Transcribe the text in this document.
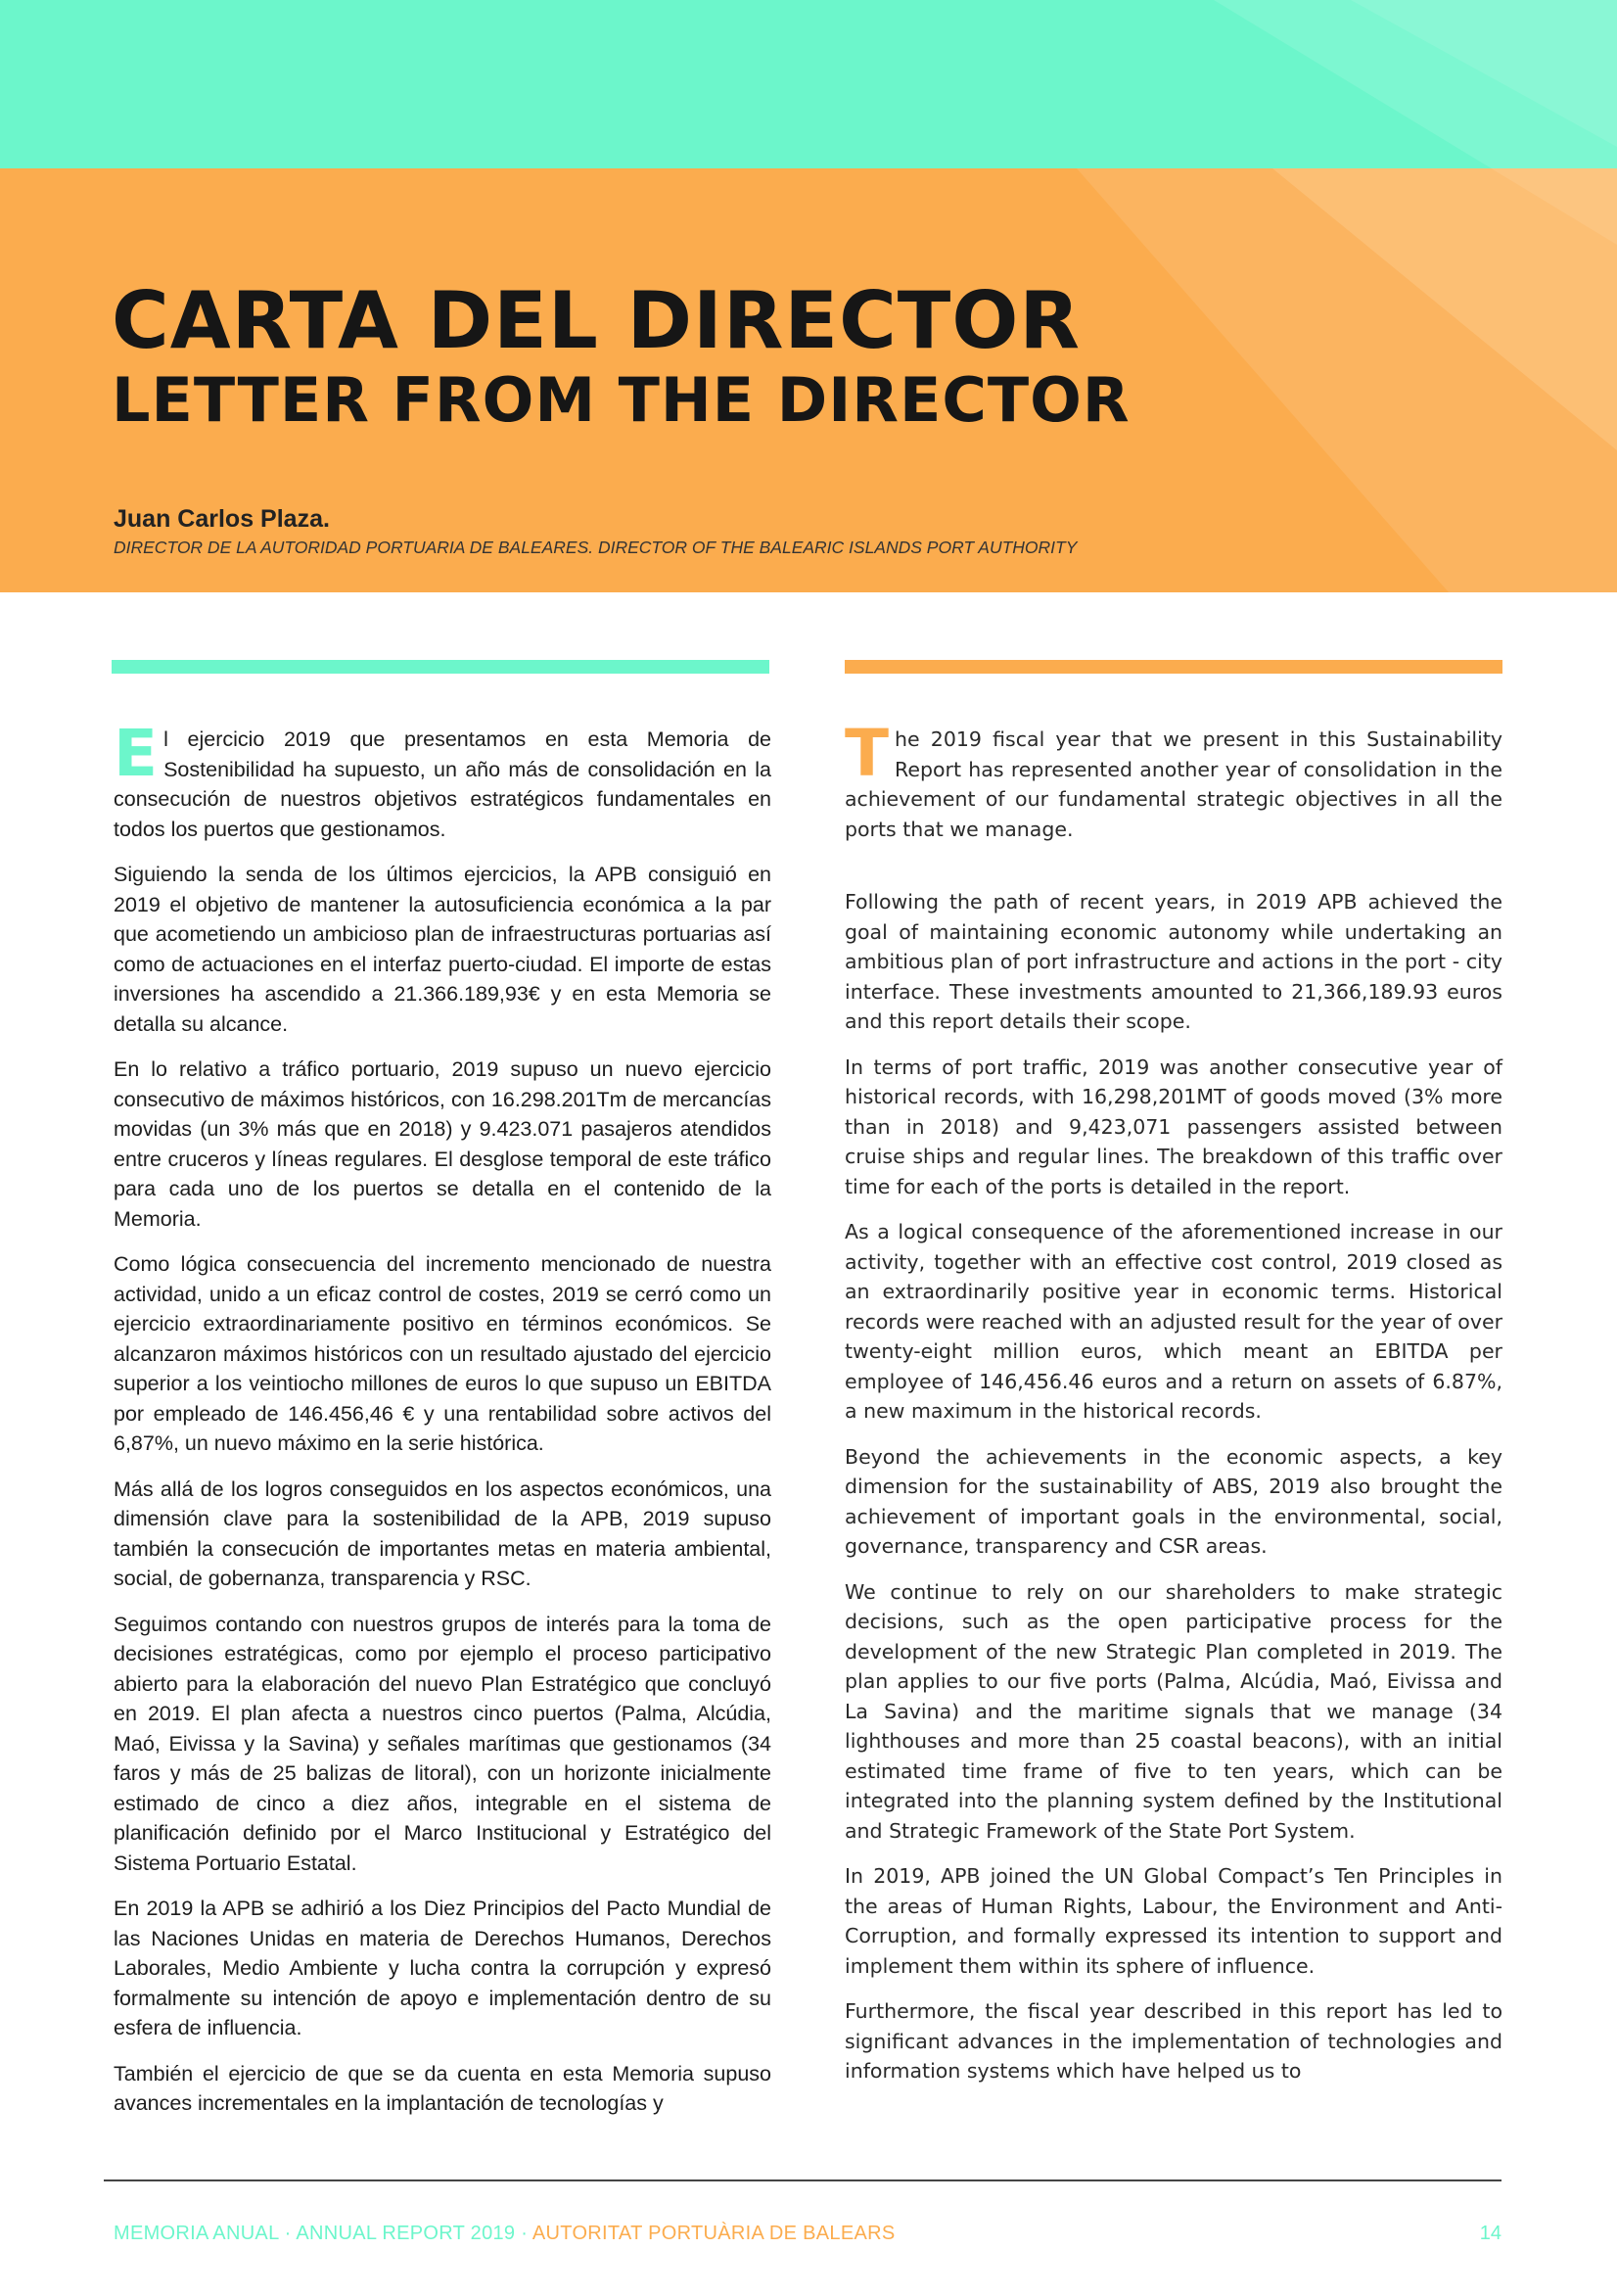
CARTA DEL DIRECTOR
LETTER FROM THE DIRECTOR
Juan Carlos Plaza.
DIRECTOR DE LA AUTORIDAD PORTUARIA DE BALEARES. DIRECTOR OF THE BALEARIC ISLANDS PORT AUTHORITY

El ejercicio 2019 que presentamos en esta Memoria de Sostenibilidad ha supuesto, un año más de consolidación en la consecución de nuestros objetivos estratégicos fundamentales en todos los puertos que gestionamos.

Siguiendo la senda de los últimos ejercicios, la APB consiguió en 2019 el objetivo de mantener la autosuficiencia económica a la par que acometiendo un ambicioso plan de infraestructuras portuarias así como de actuaciones en el interfaz puerto-ciudad. El importe de estas inversiones ha ascendido a 21.366.189,93€ y en esta Memoria se detalla su alcance.

En lo relativo a tráfico portuario, 2019 supuso un nuevo ejercicio consecutivo de máximos históricos, con 16.298.201Tm de mercancías movidas (un 3% más que en 2018) y 9.423.071 pasajeros atendidos entre cruceros y líneas regulares. El desglose temporal de este tráfico para cada uno de los puertos se detalla en el contenido de la Memoria.

Como lógica consecuencia del incremento mencionado de nuestra actividad, unido a un eficaz control de costes, 2019 se cerró como un ejercicio extraordinariamente positivo en términos económicos. Se alcanzaron máximos históricos con un resultado ajustado del ejercicio superior a los veintiocho millones de euros lo que supuso un EBITDA por empleado de 146.456,46 € y una rentabilidad sobre activos del 6,87%, un nuevo máximo en la serie histórica.

Más allá de los logros conseguidos en los aspectos económicos, una dimensión clave para la sostenibilidad de la APB, 2019 supuso también la consecución de importantes metas en materia ambiental, social, de gobernanza, transparencia y RSC.

Seguimos contando con nuestros grupos de interés para la toma de decisiones estratégicas, como por ejemplo el proceso participativo abierto para la elaboración del nuevo Plan Estratégico que concluyó en 2019. El plan afecta a nuestros cinco puertos (Palma, Alcúdia, Maó, Eivissa y la Savina) y señales marítimas que gestionamos (34 faros y más de 25 balizas de litoral), con un horizonte inicialmente estimado de cinco a diez años, integrable en el sistema de planificación definido por el Marco Institucional y Estratégico del Sistema Portuario Estatal.

En 2019 la APB se adhirió a los Diez Principios del Pacto Mundial de las Naciones Unidas en materia de Derechos Humanos, Derechos Laborales, Medio Ambiente y lucha contra la corrupción y expresó formalmente su intención de apoyo e implementación dentro de su esfera de influencia.

También el ejercicio de que se da cuenta en esta Memoria supuso avances incrementales en la implantación de tecnologías y

The 2019 fiscal year that we present in this Sustainability Report has represented another year of consolidation in the achievement of our fundamental strategic objectives in all the ports that we manage.

Following the path of recent years, in 2019 APB achieved the goal of maintaining economic autonomy while undertaking an ambitious plan of port infrastructure and actions in the port - city interface. These investments amounted to 21,366,189.93 euros and this report details their scope.

In terms of port traffic, 2019 was another consecutive year of historical records, with 16,298,201MT of goods moved (3% more than in 2018) and 9,423,071 passengers assisted between cruise ships and regular lines. The breakdown of this traffic over time for each of the ports is detailed in the report.

As a logical consequence of the aforementioned increase in our activity, together with an effective cost control, 2019 closed as an extraordinarily positive year in economic terms. Historical records were reached with an adjusted result for the year of over twenty-eight million euros, which meant an EBITDA per employee of 146,456.46 euros and a return on assets of 6.87%, a new maximum in the historical records.

Beyond the achievements in the economic aspects, a key dimension for the sustainability of ABS, 2019 also brought the achievement of important goals in the environmental, social, governance, transparency and CSR areas.

We continue to rely on our shareholders to make strategic decisions, such as the open participative process for the development of the new Strategic Plan completed in 2019. The plan applies to our five ports (Palma, Alcúdia, Maó, Eivissa and La Savina) and the maritime signals that we manage (34 lighthouses and more than 25 coastal beacons), with an initial estimated time frame of five to ten years, which can be integrated into the planning system defined by the Institutional and Strategic Framework of the State Port System.

In 2019, APB joined the UN Global Compact’s Ten Principles in the areas of Human Rights, Labour, the Environment and Anti-Corruption, and formally expressed its intention to support and implement them within its sphere of influence.

Furthermore, the fiscal year described in this report has led to significant advances in the implementation of technologies and information systems which have helped us to

MEMORIA ANUAL · ANNUAL REPORT 2019 · AUTORITAT PORTUÀRIA DE BALEARS	14
